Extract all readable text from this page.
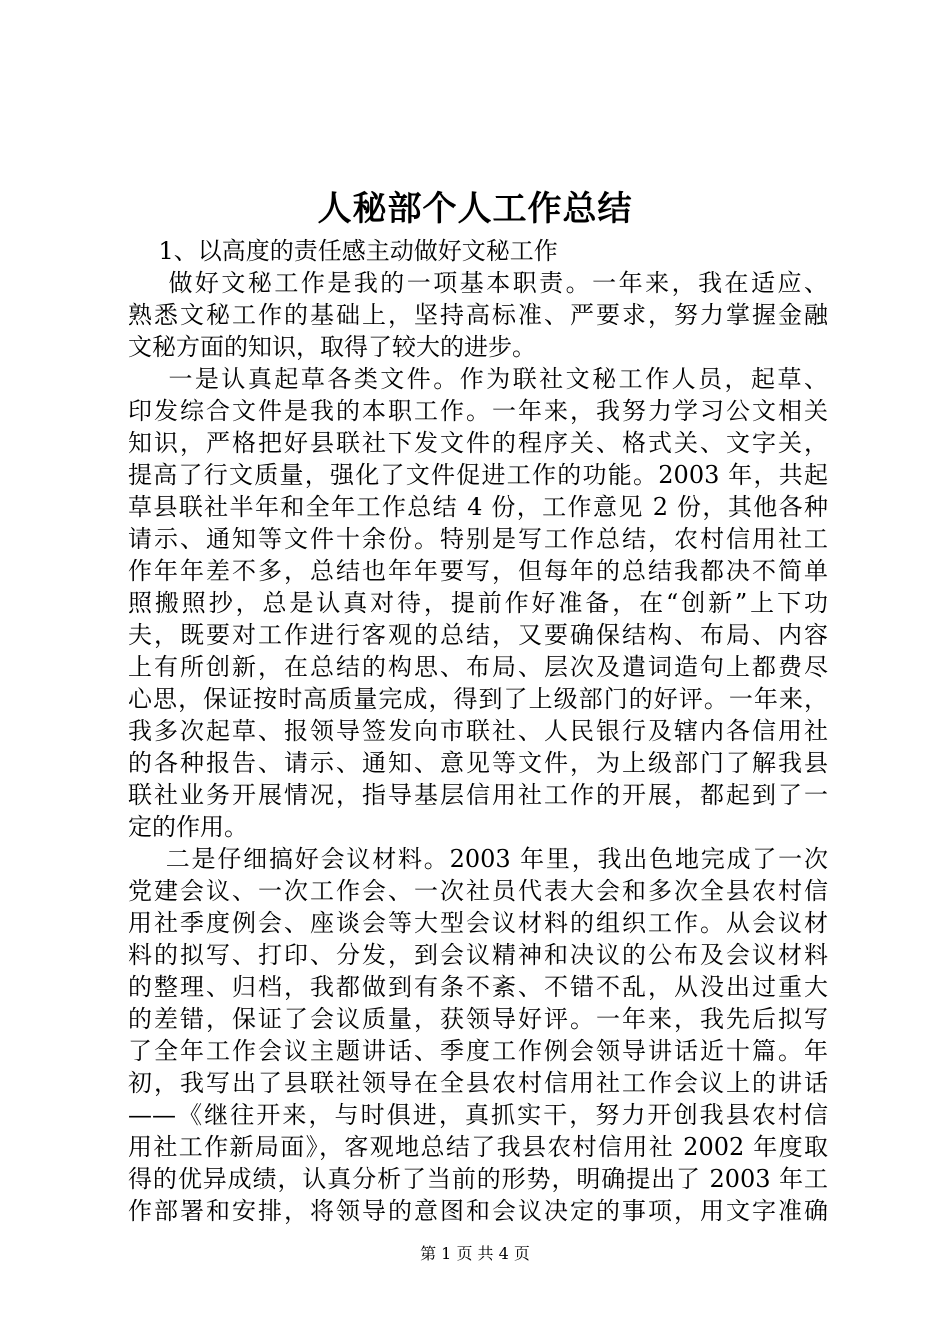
人秘部个人工作总结
1、以高度的责任感主动做好文秘工作
做好文秘工作是我的一项基本职责。一年来，我在适应、
熟悉文秘工作的基础上，坚持高标准、严要求，努力掌握金融
文秘方面的知识，取得了较大的进步。
一是认真起草各类文件。作为联社文秘工作人员，起草、
印发综合文件是我的本职工作。一年来，我努力学习公文相关
知识，严格把好县联社下发文件的程序关、格式关、文字关，
提高了行文质量，强化了文件促进工作的功能。2003 年，共起
草县联社半年和全年工作总结 4 份，工作意见 2 份，其他各种
请示、通知等文件十余份。特别是写工作总结，农村信用社工
作年年差不多，总结也年年要写，但每年的总结我都决不简单
照搬照抄，总是认真对待，提前作好准备，在“创新”上下功
夫，既要对工作进行客观的总结，又要确保结构、布局、内容
上有所创新，在总结的构思、布局、层次及遣词造句上都费尽
心思，保证按时高质量完成，得到了上级部门的好评。一年来，
我多次起草、报领导签发向市联社、人民银行及辖内各信用社
的各种报告、请示、通知、意见等文件，为上级部门了解我县
联社业务开展情况，指导基层信用社工作的开展，都起到了一
定的作用。
二是仔细搞好会议材料。2003 年里，我出色地完成了一次
党建会议、一次工作会、一次社员代表大会和多次全县农村信
用社季度例会、座谈会等大型会议材料的组织工作。从会议材
料的拟写、打印、分发，到会议精神和决议的公布及会议材料
的整理、归档，我都做到有条不紊、不错不乱，从没出过重大
的差错，保证了会议质量，获领导好评。一年来，我先后拟写
了全年工作会议主题讲话、季度工作例会领导讲话近十篇。年
初，我写出了县联社领导在全县农村信用社工作会议上的讲话
——《继往开来，与时俱进，真抓实干，努力开创我县农村信
用社工作新局面》，客观地总结了我县农村信用社 2002 年度取
得的优异成绩，认真分析了当前的形势，明确提出了 2003 年工
作部署和安排，将领导的意图和会议决定的事项，用文字准确
第 1 页 共 4 页
